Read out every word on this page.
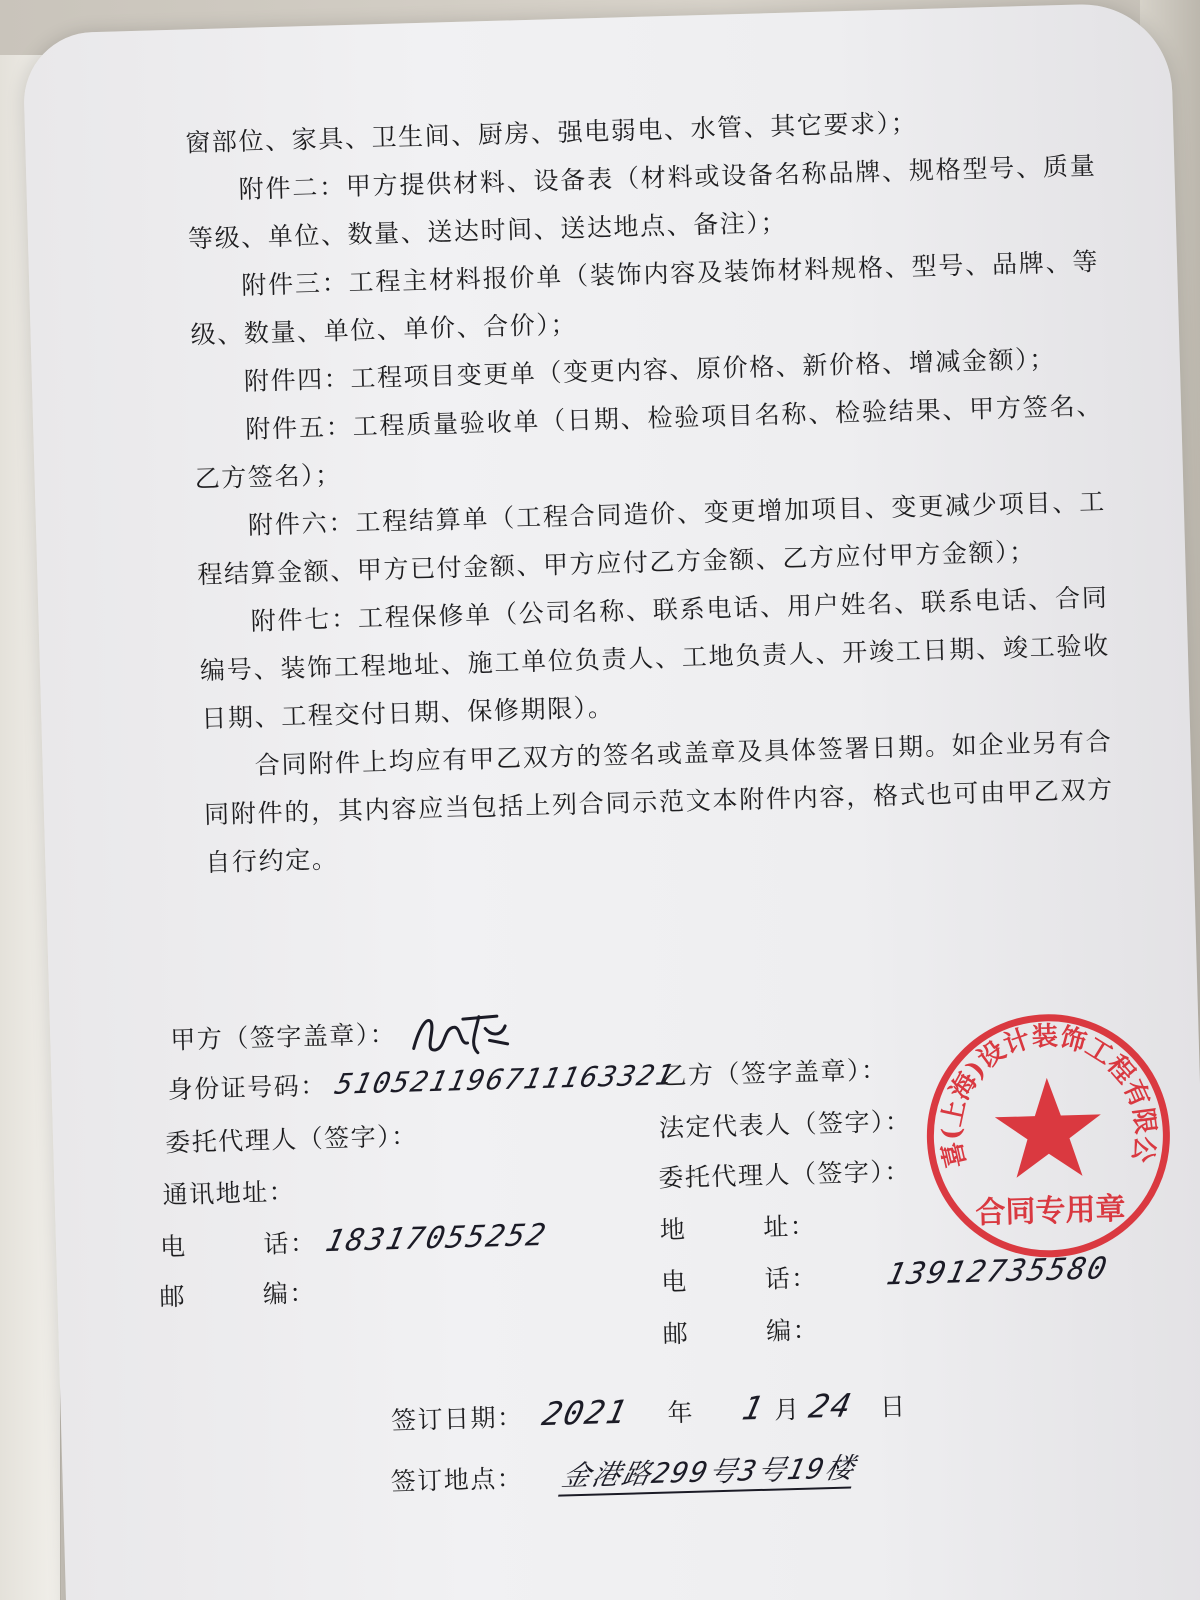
窗部位、家具、卫生间、厨房、强电弱电、水管、其它要求）；

附件二：甲方提供材料、设备表（材料或设备名称品牌、规格型号、质量等级、单位、数量、送达时间、送达地点、备注）；

附件三：工程主材料报价单（装饰内容及装饰材料规格、型号、品牌、等级、数量、单位、单价、合价）；

附件四：工程项目变更单（变更内容、原价格、新价格、增减金额）；

附件五：工程质量验收单（日期、检验项目名称、检验结果、甲方签名、乙方签名）；

附件六：工程结算单（工程合同造价、变更增加项目、变更减少项目、工程结算金额、甲方已付金额、甲方应付乙方金额、乙方应付甲方金额）；

附件七：工程保修单（公司名称、联系电话、用户姓名、联系电话、合同编号、装饰工程地址、施工单位负责人、工地负责人、开竣工日期、竣工验收日期、工程交付日期、保修期限）。

合同附件上均应有甲乙双方的签名或盖章及具体签署日期。如企业另有合同附件的，其内容应当包括上列合同示范文本附件内容，格式也可由甲乙双方自行约定。

甲方（签字盖章）：
身份证号码： 510521196711163321
委托代理人（签字）：
通讯地址：
电	话： 18317055252
邮	编：
乙方（签字盖章）：
法定代表人（签字）：
委托代理人（签字）：
地	址：
电	话： 13912735580
邮	编：
秋喜(上海)设计装饰工程有限公司
合同专用章
签订日期： 2021 年 1 月 24 日
签订地点： 金港路299号3号19楼
